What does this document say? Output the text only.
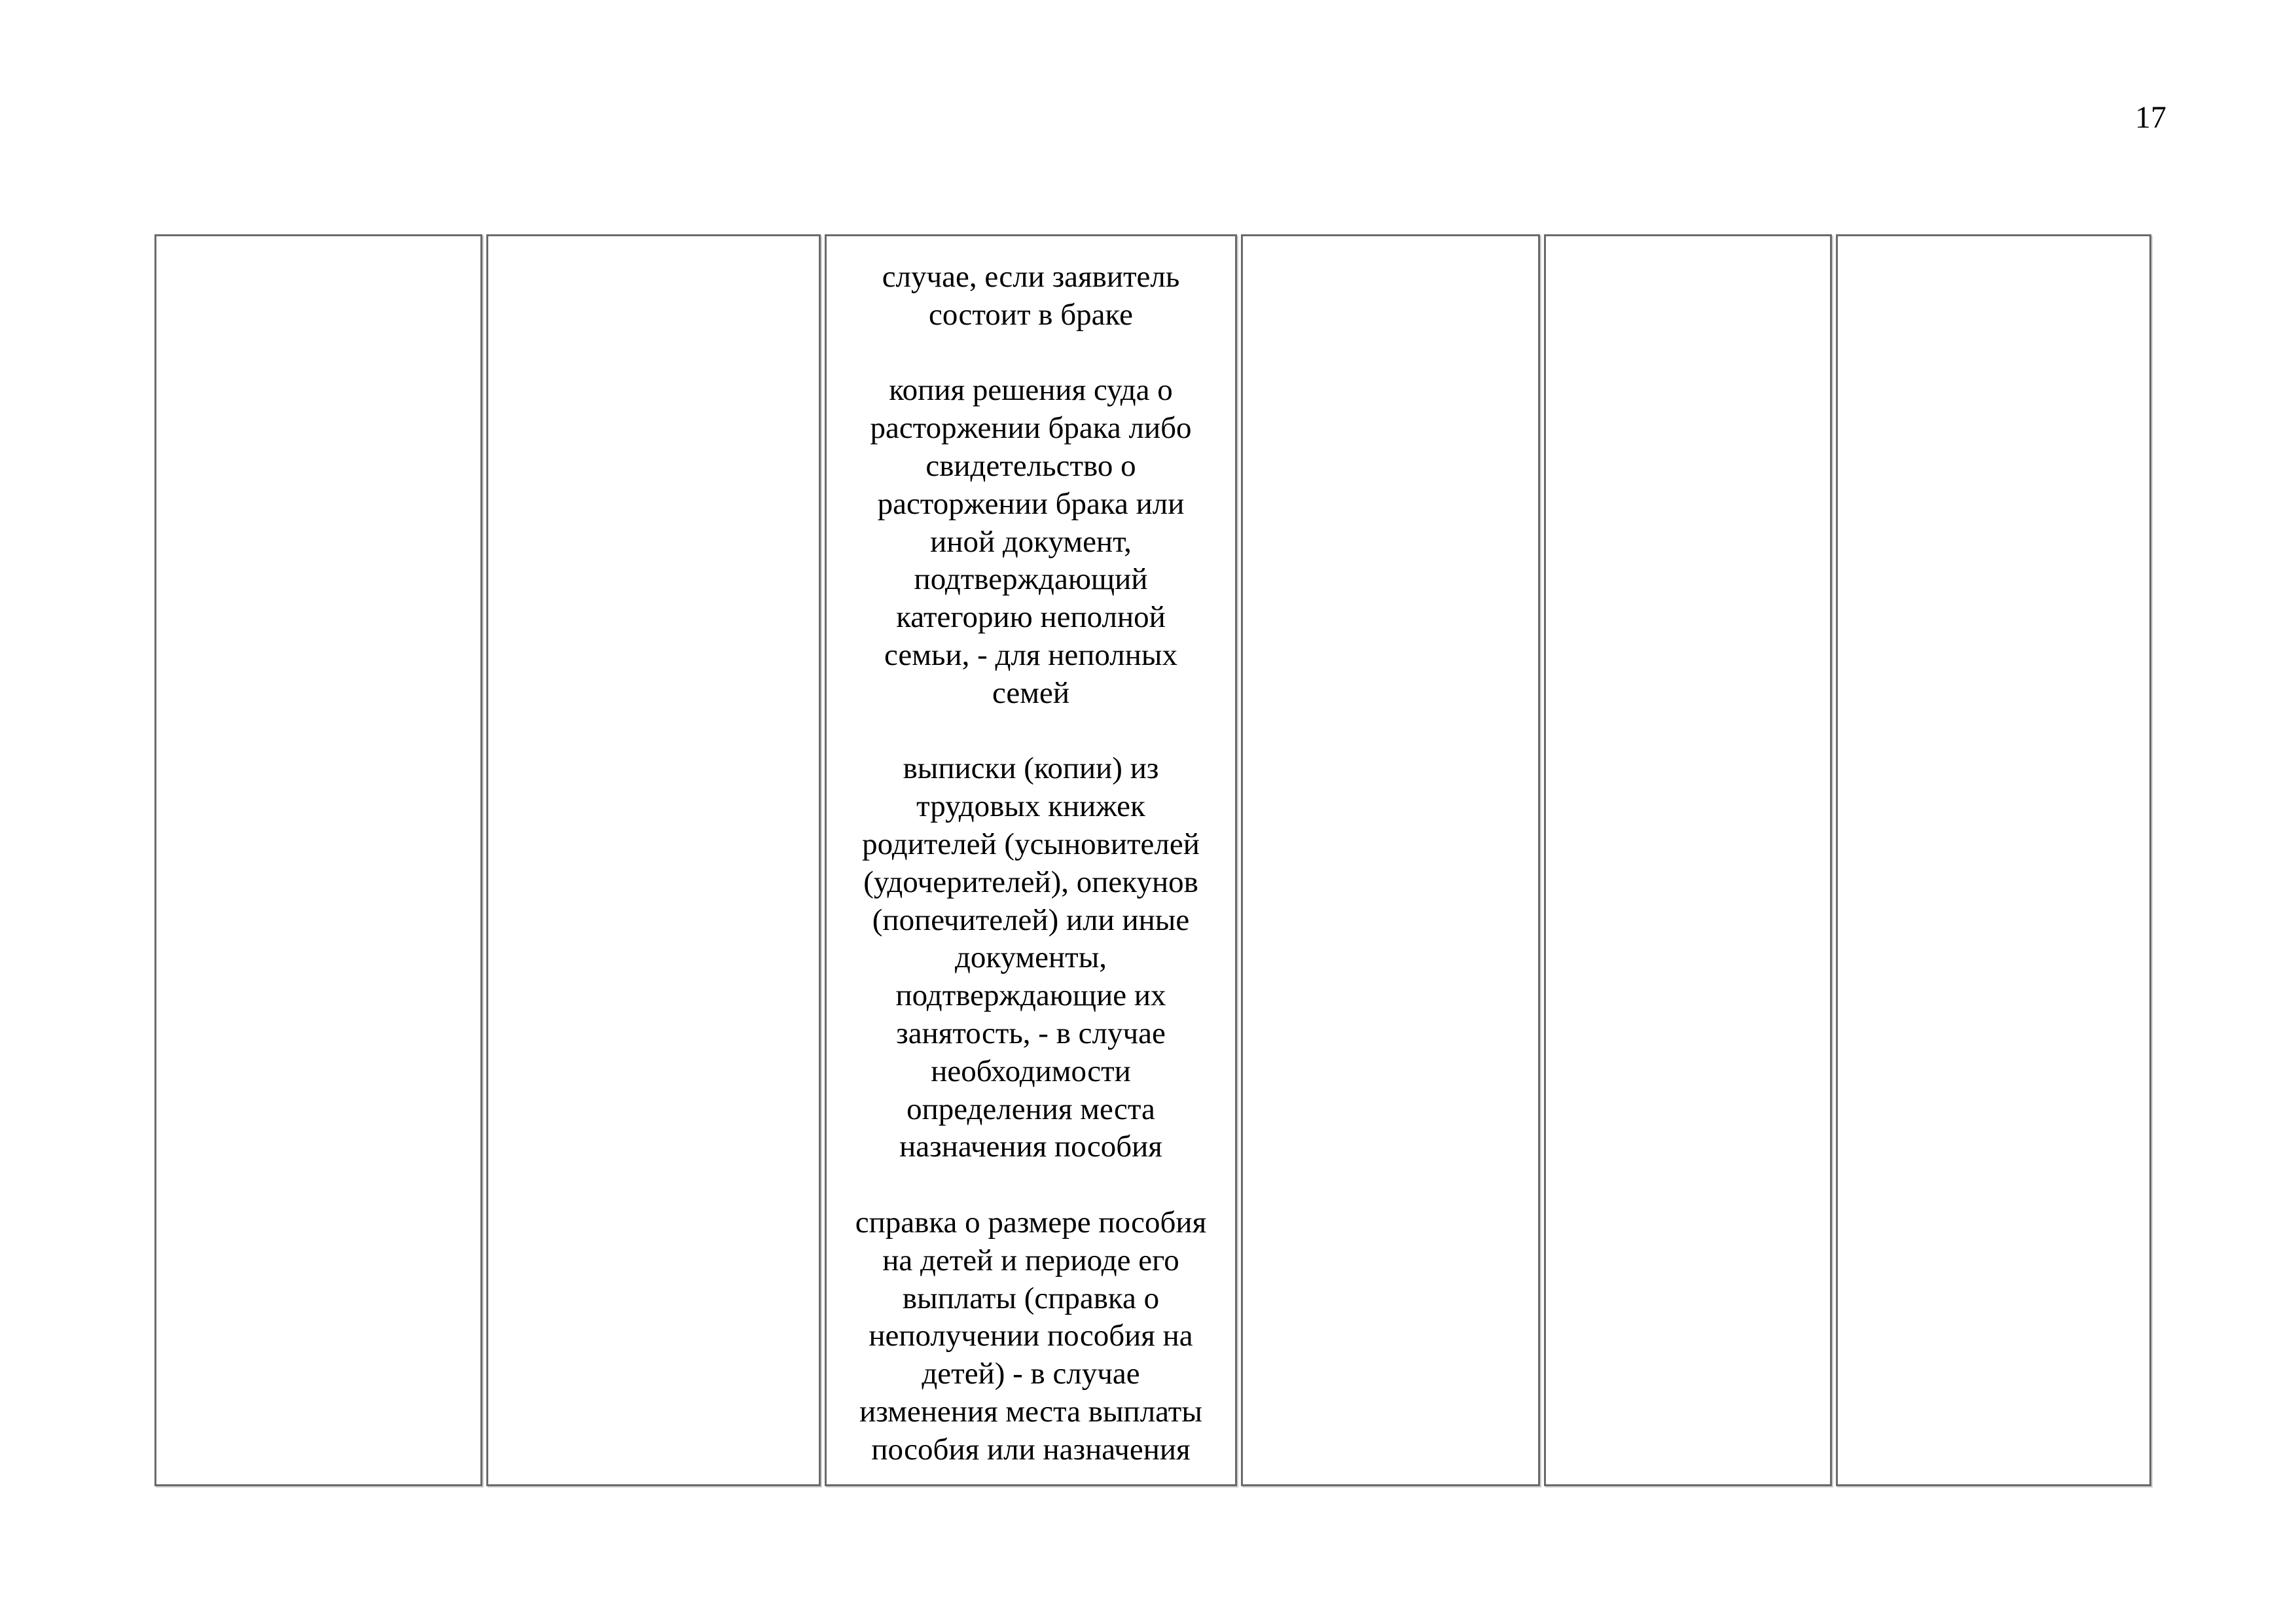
17

случае, если заявитель
состоит в браке

копия решения суда о
расторжении брака либо
свидетельство о
расторжении брака или
иной документ,
подтверждающий
категорию неполной
семьи, - для неполных
семей

выписки (копии) из
трудовых книжек
родителей (усыновителей
(удочерителей), опекунов
(попечителей) или иные
документы,
подтверждающие их
занятость, - в случае
необходимости
определения места
назначения пособия

справка о размере пособия
на детей и периоде его
выплаты (справка о
неполучении пособия на
детей) - в случае
изменения места выплаты
пособия или назначения
